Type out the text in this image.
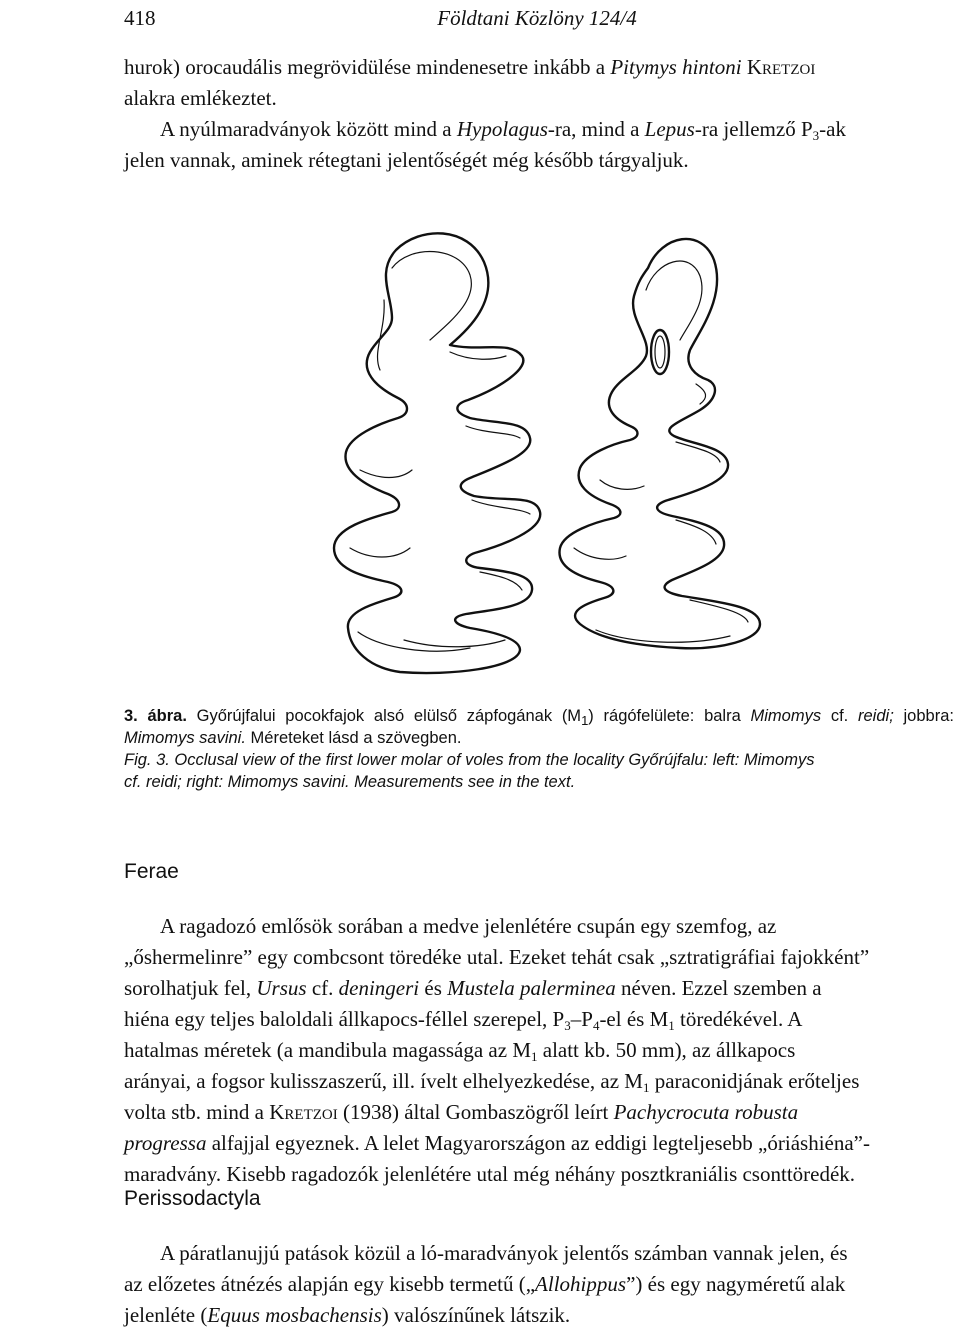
418	Földtani Közlöny 124/4

hurok) orocaudális megrövidülése mindenesetre inkább a Pitymys hintoni Kretzoi

alakra emlékeztet.

A nyúlmaradványok között mind a Hypolagus-ra, mind a Lepus-ra jellemző $P_3-ak$

jelen vannak, aminek rétegtani jelentőségét még később tárgyaljuk.

3. ábra. Győrújfalui pocokfajok alsó elülső zápfogának $(M_1)$ rágófelülete: balra Mimomys cf. reidi; jobbra: Mimomys savini. Méreteket lásd a szövegben.

Fig. 3. Occlusal view of the first lower molar of voles from the locality Győrújfalu: left: Mimomys

cf. reidi; right: Mimomys savini. Measurements see in the text.

Ferae

A ragadozó emlősök sorában a medve jelenlétére csupán egy szemfog, az

„őshermelinre” egy combcsont töredéke utal. Ezeket tehát csak „sztratigráfiai fajokként”

sorolhatjuk fel, Ursus cf. deningeri és Mustela palerminea néven. Ezzel szemben a

hiéna egy teljes baloldali állkapocs-féllel szerepel, $P_3-P_4-el$ és $M_1$ töredékével. A

hatalmas méretek (a mandibula magassága az $M_1$ alatt kb. 50 mm), az állkapocs

arányai, a fogsor kulisszaszerű, ill. ívelt elhelyezkedése, az $M_1$ paraconidjának erőteljes

volta stb. mind a Kretzoi (1938) által Gombaszögről leírt Pachycrocuta robusta

progressa alfajjal egyeznek. A lelet Magyarországon az eddigi legteljesebb „óriáshiéna”-

maradvány. Kisebb ragadozók jelenlétére utal még néhány posztkraniális csonttöredék.

Perissodactyla

A páratlanujjú patások közül a ló-maradványok jelentős számban vannak jelen, és

az előzetes átnézés alapján egy kisebb termetű („Allohippus”) és egy nagyméretű alak

jelenléte (Equus mosbachensis) valószínűnek látszik.
